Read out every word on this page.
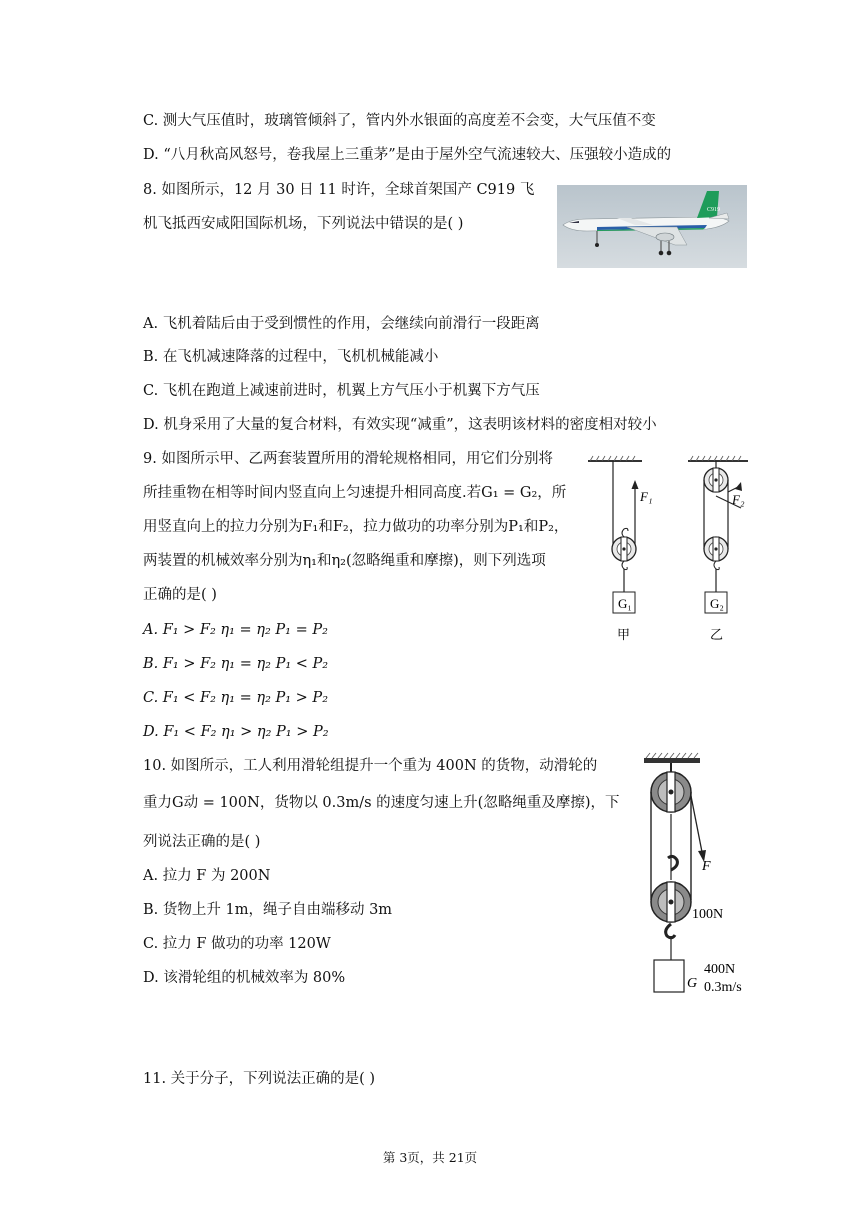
C. 测大气压值时，玻璃管倾斜了，管内外水银面的高度差不会变，大气压值不变
D. “八月秋高风怒号，卷我屋上三重茅”是由于屋外空气流速较大、压强较小造成的
8. 如图所示，12 月 30 日 11 时许，全球首架国产 C919 飞
机飞抵西安咸阳国际机场，下列说法中错误的是( )
C919
A. 飞机着陆后由于受到惯性的作用，会继续向前滑行一段距离
B. 在飞机减速降落的过程中，飞机机械能减小
C. 飞机在跑道上减速前进时，机翼上方气压小于机翼下方气压
D. 机身采用了大量的复合材料，有效实现“减重”，这表明该材料的密度相对较小
9. 如图所示甲、乙两套装置所用的滑轮规格相同，用它们分别将
所挂重物在相等时间内竖直向上匀速提升相同高度.若G₁ = G₂，所
用竖直向上的拉力分别为F₁和F₂，拉力做功的功率分别为P₁和P₂，
两装置的机械效率分别为η₁和η₂(忽略绳重和摩擦)，则下列选项
正确的是( )
A. F₁ > F₂ η₁ = η₂ P₁ = P₂
B. F₁ > F₂ η₁ = η₂ P₁ < P₂
C. F₁ < F₂ η₁ = η₂ P₁ > P₂
D. F₁ < F₂ η₁ > η₂ P₁ > P₂
F₁
G₁
甲
F₂
G₂
乙
10. 如图所示，工人利用滑轮组提升一个重为 400N 的货物，动滑轮的
重力G动 = 100N，货物以 0.3m/s 的速度匀速上升(忽略绳重及摩擦)，下
列说法正确的是( )
A. 拉力 F 为 200N
B. 货物上升 1m，绳子自由端移动 3m
C. 拉力 F 做功的功率 120W
D. 该滑轮组的机械效率为 80%
F
100N
G
400N
0.3m/s
11. 关于分子，下列说法正确的是( )
第 3页，共 21页
